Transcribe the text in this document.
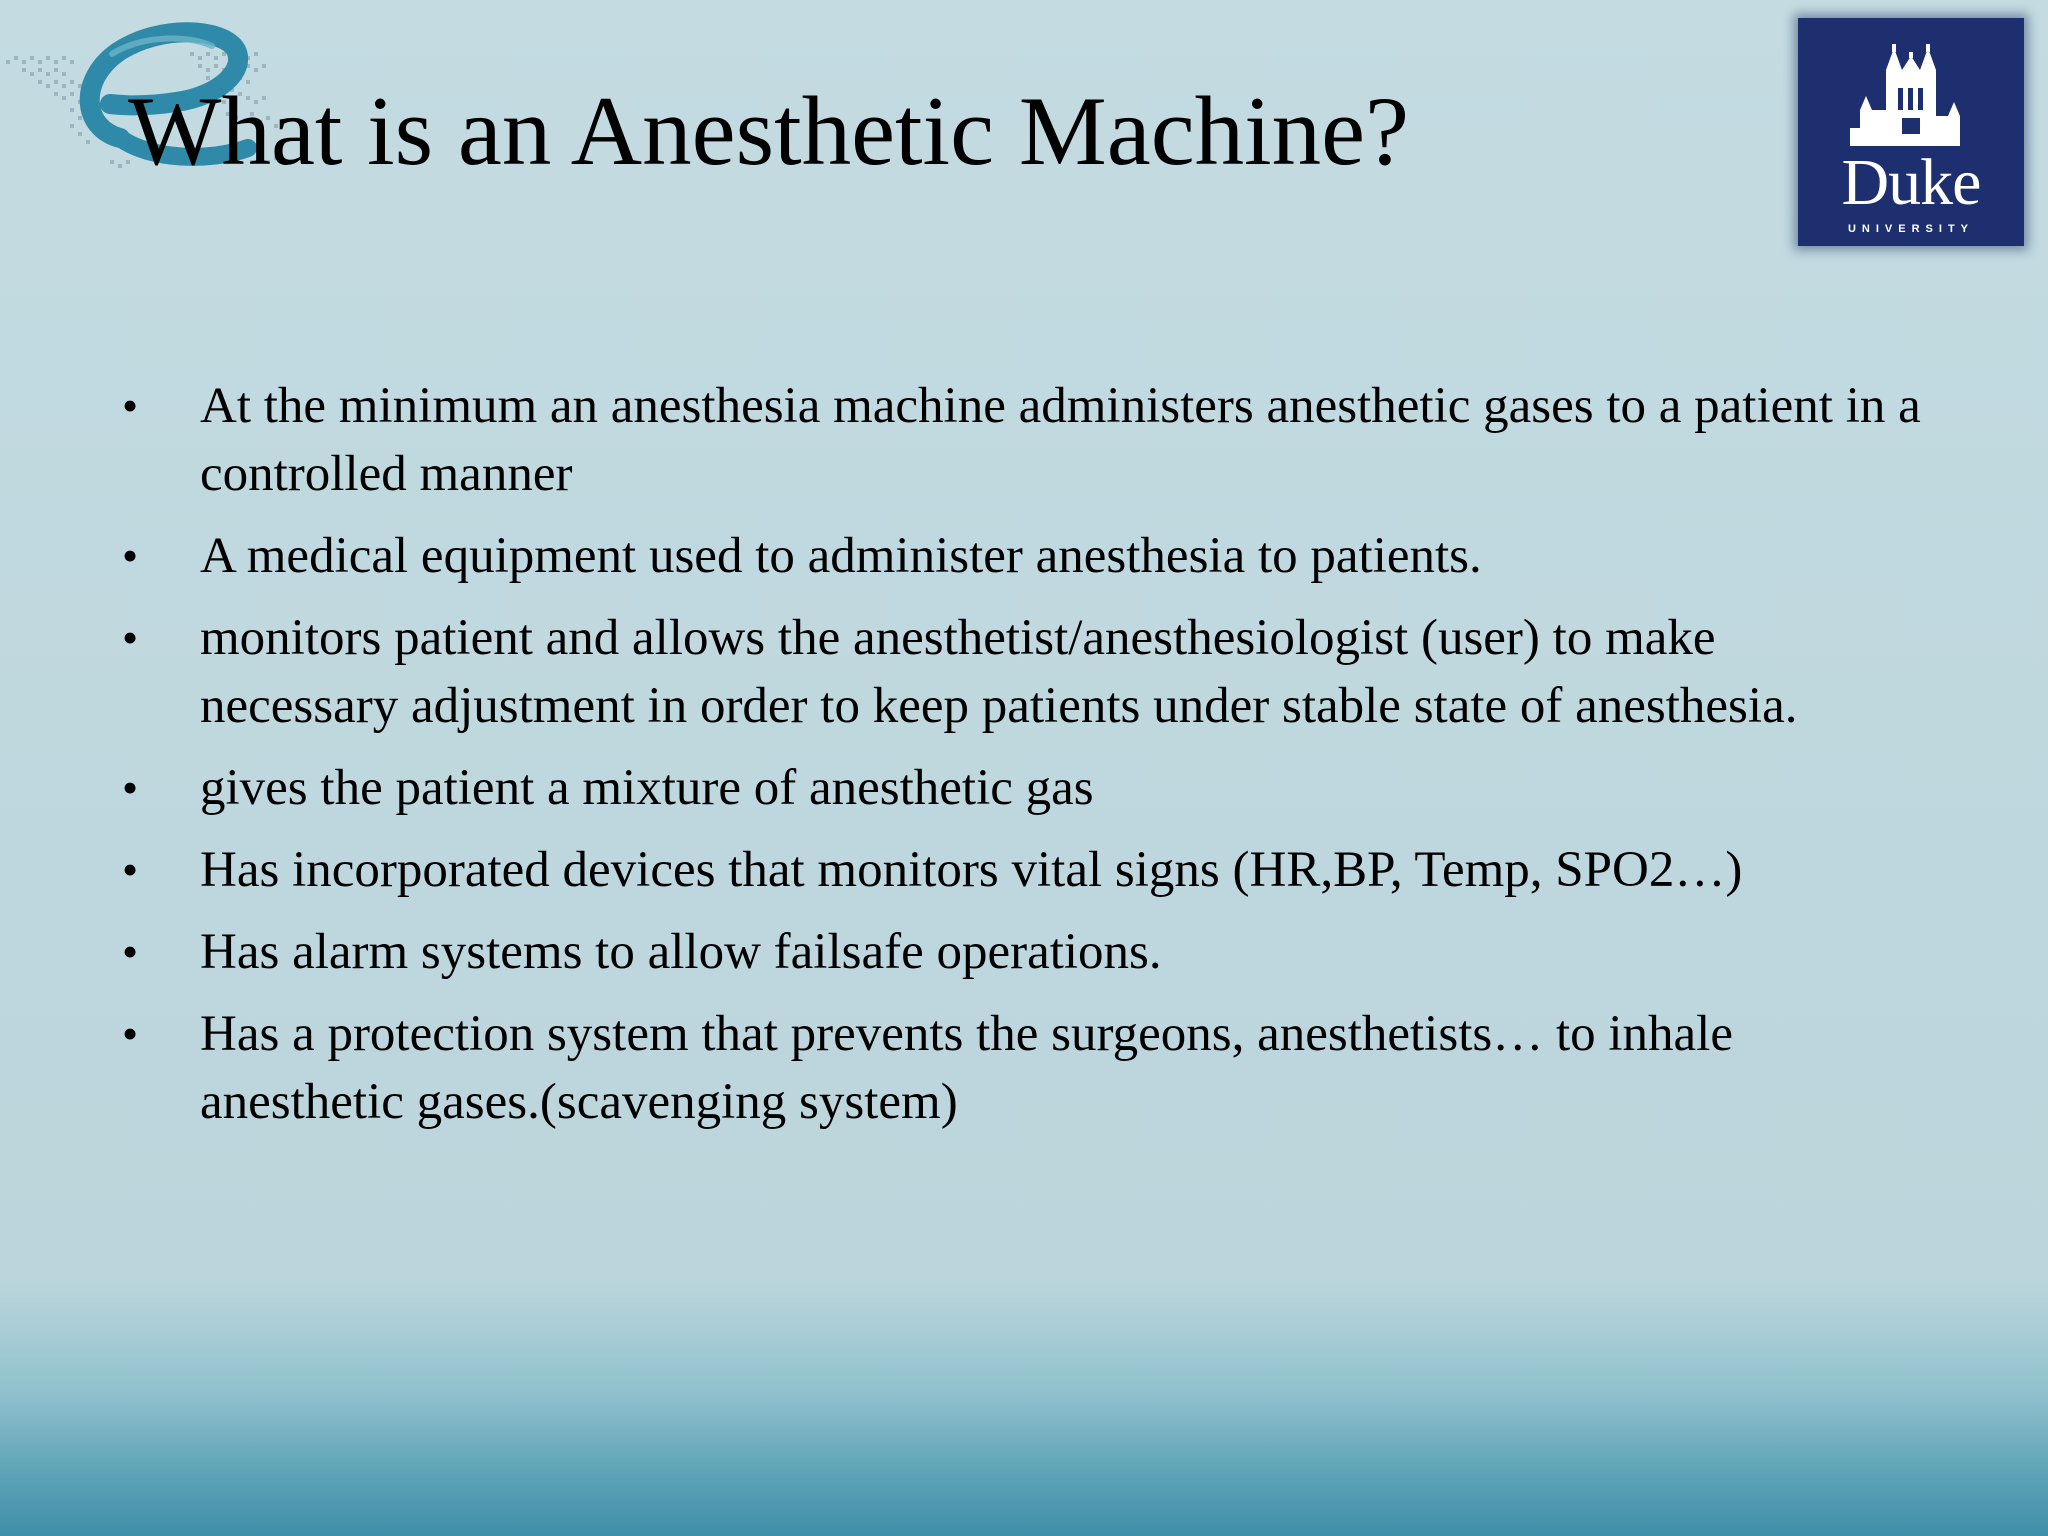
What is an Anesthetic Machine?	Duke
UNIVERSITY
• At the minimum an anesthesia machine administers anesthetic gases to a patient in a controlled manner
• A medical equipment used to administer anesthesia to patients.
• monitors patient and allows the anesthetist/anesthesiologist (user) to make necessary adjustment in order to keep patients under stable state of anesthesia.
• gives the patient a mixture of anesthetic gas
• Has incorporated devices that monitors vital signs (HR,BP, Temp, SPO2…)
• Has alarm systems to allow failsafe operations.
• Has a protection system that prevents the surgeons, anesthetists… to inhale anesthetic gases.(scavenging system)
